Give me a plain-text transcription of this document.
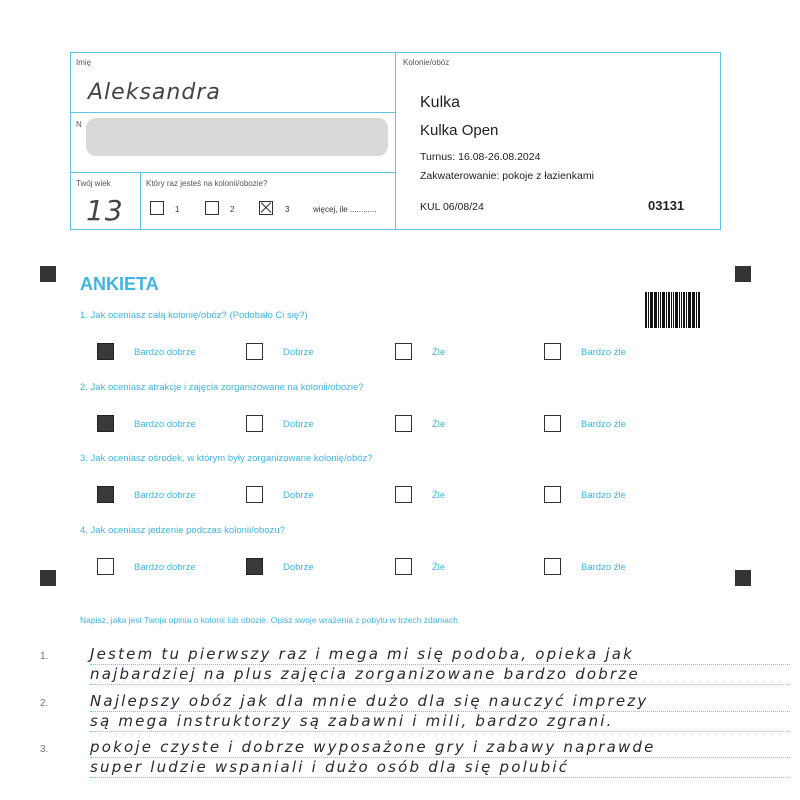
Imię
Aleksandra
N
Twój wiek
13
Który raz jesteś na kolonii/obozie?
1	2	3	więcej, ile ............
Kolonie/obóz
Kulka
Kulka Open
Turnus: 16.08-26.08.2024
Zakwaterowanie: pokoje z łazienkami
KUL 06/08/24	03131
ANKIETA
1. Jak oceniasz całą kolonię/obóz? (Podobało Ci się?)
Bardzo dobrze	Dobrze	Źle	Bardzo źle
2. Jak oceniasz atrakcje i zajęcia zorganizowane na kolonii/obozie?
Bardzo dobrze	Dobrze	Źle	Bardzo źle
3. Jak oceniasz ośrodek, w którym były zorganizowane kolonię/obóz?
Bardzo dobrze	Dobrze	Źle	Bardzo źle
4. Jak oceniasz jedzenie podczas kolonii/obozu?
Bardzo dobrze	Dobrze	Źle	Bardzo źle
Napisz, jaka jest Twoja opinia o kolonii lub obozie. Opisz swoje wrażenia z pobytu w trzech zdaniach.
1.
2.
3.
Jestem tu pierwszy raz i mega mi się podoba, opieka jak
najbardziej na plus zajęcia zorganizowane bardzo dobrze
Najlepszy obóz jak dla mnie dużo dla się nauczyć imprezy
są mega instruktorzy są zabawni i mili, bardzo zgrani.
pokoje czyste i dobrze wyposażone gry i zabawy naprawde
super ludzie wspaniali i dużo osób dla się polubić
